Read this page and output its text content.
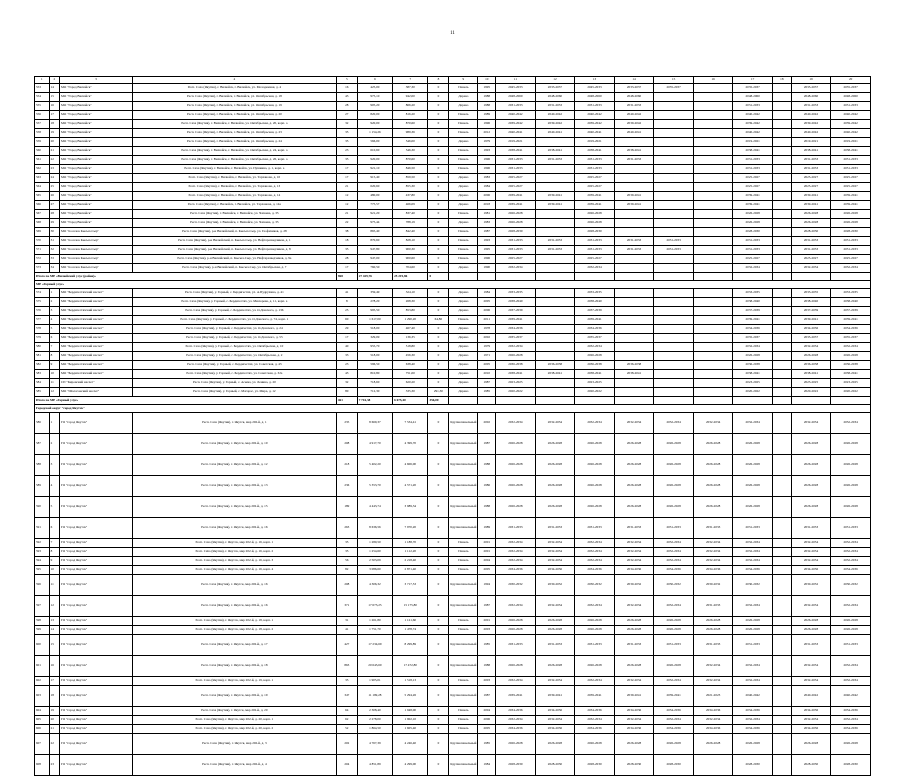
11
1	2	3	4	5	6	7	8	9	10	11	12	13	14	15	16	17	18	19	20
553	14	МО "Город Вилюйск"	Респ. Саха (Якутия), г. Вилюйск, г. Вилюйск, ул. Молодежная, д. 4	16	425,00	387,30	0	Панель	1995	2045-2033	2033-2037	2045-2033	2033-2037	2035-2037		2035-2037		2035-2037	2035-2037
554	15	МО "Город Вилюйск"	Респ. Саха (Якутия), г. Вилюйск, г. Вилюйск, ул. Октябрьская, д. 18	43	975,10	942,00	0	Дерево	1988	2048-2060	2048-2060	2048-2060	2048-2060			2048-2060		2048-2060	2048-2060
555	16	МО "Город Вилюйск"	Респ. Саха (Якутия), г. Вилюйск, г. Вилюйск, ул. Октябрьская, д. 19	28	905,20	866,20	0	Дерево	1988	2031-2033	2031-2033	2031-2033	2031-2033			2031-2033		2031-2033	2031-2033
556	17	МО "Город Вилюйск"	Респ. Саха (Якутия), г. Вилюйск, г. Вилюйск, ул. Октябрьская, д. 20	27	820,00	816,20	0	Панель	1989	2040-2042	2040-2042	2040-2042	2040-2042			2040-2042		2040-2042	2040-2042
557	18	МО "Город Вилюйск"	Респ. Саха (Якутия), г. Вилюйск, г. Вилюйск, ул. Октябрьская, д. 20, корп. а	32	920,00	870,60	0	Панель	1996	2039-2042	2039-2042	2039-2042	2039-2042			2039-2042		2039-2042	2039-2042
558	19	МО "Город Вилюйск"	Респ. Саха (Якутия), г. Вилюйск, г. Вилюйск, ул. Октябрьская, д. 23	35	1 154,26	989,36	0	Панель	2012	2040-2041	2040-2041	2040-2041	2040-2041			2040-2042		2040-2042	2040-2042
559	20	МО "Город Вилюйск"	Респ. Саха (Якутия), г. Вилюйск, г. Вилюйск, ул. Октябрьская, д. 24	35	566,00	546,00	0	Дерево	1979	2019-2021		2019-2021				2019-2021		2019-2021	2019-2021
560	21	МО "Город Вилюйск"	Респ. Саха (Якутия), г. Вилюйск, г. Вилюйск, ул. Октябрьская, д. 24, корп. а	23	610,60	546,30	0	Панель	1993	2038-2041	2038-2041	2038-2041	2038-2041			2038-2041		2038-2041	2038-2041
561	22	МО "Город Вилюйск"	Респ. Саха (Якутия), г. Вилюйск, г. Вилюйск, ул. Октябрьская, д. 26, корп. а	35	920,00	870,60	0	Панель	1996	2031-2033	2031-2033	2031-2033	2031-2033			2031-2033		2031-2033	2031-2033
562	23	МО "Город Вилюйск"	Респ. Саха (Якутия), г. Вилюйск, г. Вилюйск, ул. Пушкина, д. 1, корп. а	17	921,10	846,50	0	Панель	1996	2031-2033		2031-2033				2031-2033		2031-2033	2031-2033
563	24	МО "Город Вилюйск"	Респ. Саха (Якутия), г. Вилюйск, г. Вилюйск, ул. Тарханова, д. 10	17	915,40	859,50	0	Дерево	1983	2025-2027		2025-2027				2025-2027		2025-2027	2025-2027
564	25	МО "Город Вилюйск"	Респ. Саха (Якутия), г. Вилюйск, г. Вилюйск, ул. Тарханова, д. 13	21	620,60	855,30	0	Дерево	1984	2025-2027		2025-2027				2025-2027		2025-2027	2025-2027
565	26	МО "Город Вилюйск"	Респ. Саха (Якутия), г. Вилюйск, г. Вилюйск, ул. Тарханова, д. 14	12	480,00	437,80	0	Дерево	2006	2039-2041	2039-2041	2039-2041	2039-2041			2039-2041		2039-2041	2039-2041
566	27	МО "Город Вилюйск"	Респ. Саха (Якутия), г. Вилюйск, г. Вилюйск, ул. Тарханова, д. 14а	12	775,57	466,09	0	Дерево	2018	2039-2041	2039-2041	2039-2041	2039-2041			2039-2041		2039-2041	2039-2041
567	28	МО "Город Вилюйск"	Респ. Саха (Якутия), г. Вилюйск, г. Вилюйск, ул. Чапаева, д. 35	21	921,20	837,40	0	Панель	1981	2026-2028		2026-2028				2026-2028		2026-2028	2026-2028
568	29	МО "Город Вилюйск"	Респ. Саха (Якутия), г. Вилюйск, г. Вилюйск, ул. Чапаева, д. 35	22	975,44	788,19	0	Дерево	1983	2026-2028		2026-2028				2026-2028		2026-2028	2026-2028
569	30	МО "поселок Кысыл-Сыр"	Респ. Саха (Якутия), р-н Вилюйский, п. Кысыл-Сыр, ул. Геофизиков, д. 28	38	865,40	842,40	0	Панель	1987	2028-2030		2028-2030				2028-2030		2028-2030	2028-2030
570	31	МО "поселок Кысыл-Сыр"	Респ. Саха (Якутия), р-н Вилюйский, п. Кысыл-Сыр, ул. Нефтеразведчиков, д. 1	18	870,60	828,10	0	Панель	1993	2031-2033	2031-2033	2031-2033	2031-2033	2031-2033		2031-2033		2031-2033	2031-2033
571	32	МО "поселок Кысыл-Сыр"	Респ. Саха (Якутия), р-н Вилюйский, п. Кысыл-Сыр, ул. Нефтеразведчиков, д. 8	35	947,80	900,30	0	Панель	1995	2031-2033	2031-2033	2031-2033	2031-2033	2031-2033		2031-2033		2031-2033	2031-2033
572	33	МО "поселок Кысыл-Сыр"	Респ. Саха (Якутия), р-н Вилюйский, п. Кысыл-Сыр, ул. Нефтеразведчиков, д. 9а	28	947,00	900,60	0	Панель	1996	2025-2027		2025-2027				2025-2027		2025-2027	2025-2027
573	34	МО "поселок Кысыл-Сыр"	Респ. Саха (Якутия), р-н Вилюйский, п. Кысыл-Сыр, ул. Октябрьская, д. 7	17	760,50	704,60	0	Дерево	1990	2032-2034		2032-2034				2032-2034		2032-2034	2032-2034
Итого по МР «Вилюйский улус (район)»				968	27 429,76	25 219,86	0												
МР «Горный улус»																			
574	1	МО "Бердигестяхский наслег"	Респ. Саха (Якутия), у. Горный, с. Бердигестях, ул. А.Пудрухина, д. 41	41	359,49	324,10	0	Дерево	1984	2033-2035		2033-2035				2033-2035		2033-2035	2033-2035
575	2	МО "Бердигестяхский наслег"	Респ. Саха (Якутия), у. Горный, с. Бердигестях, ул. Мисюрева, д. 11, корп. а	8	278,20	268,30	0	Дерево	2005	2038-2040		2038-2040				2038-2040		2038-2040	2038-2040
576	3	МО "Бердигестяхский наслег"	Респ. Саха (Якутия), у. Горный, с. Бердигестях, ул. О.Донского, д. 136	25	995,50	853,80	0	Дерево	2006	2037-2039		2037-2039				2037-2039		2037-2039	2037-2039
577	4	МО "Бердигестяхский наслег"	Респ. Саха (Якутия), у. Горный, с. Бердигестях, ул. О.Донского, д. 74, корп. 1	60	1 617,00	1 290,20	64,80	Панель	2011	2039-2041		2039-2041				2039-2041		2039-2041	2039-2041
578	5	МО "Бердигестяхский наслег"	Респ. Саха (Якутия), у. Горный, с. Бердигестях, ул. О.Донского, д. 24	29	518,00	467,40	0	Дерево	1978	2034-2036		2034-2036				2034-2036		2034-2036	2034-2036
579	6	МО "Бердигестяхский наслег"	Респ. Саха (Якутия), у. Горный, с. Бердигестях, ул. О.Донского, д. 55	17	329,09	136,35	0	Дерево	2002	2035-2037		2035-2037				2035-2037		2035-2037	2035-2037
580	7	МО "Бердигестяхский наслег"	Респ. Саха (Якутия), у. Горный, с. Бердигестях, ул. Октябрьская, д. 10	40	955,70	518,80	0	Дерево	1979	2032-2034		2032-2034				2032-2034		2032-2034	2032-2034
581	8	МО "Бердигестяхский наслег"	Респ. Саха (Якутия), у. Горный, с. Бердигестях, ул. Октябрьская, д. 2	33	518,00	456,30	0	Дерево	1971	2026-2028		2026-2028				2026-2028		2026-2028	2026-2028
582	9	МО "Бердигестяхский наслег"	Респ. Саха (Якутия), у. Горный, с. Бердигестях, ул. Советская, д. 43	23	596,50	638,40	0	Дерево	2005	2036-2038	2036-2038	2036-2038	2036-2038			2036-2038		2036-2038	2036-2038
583	10	МО "Бердигестяхский наслег"	Респ. Саха (Якутия), у. Горный, с. Бердигестях, ул. Советская, д. 32а	43	810,80	751,00	0	Дерево	2010	2038-2041	2038-2041	2038-2041	2038-2041			2038-2041		2038-2041	2038-2041
584	11	СП "Кировский наслег"	Респ. Саха (Якутия), у. Горный, с. Асыма, ул. Ленина, д. 20	32	718,60	620,20	0	Дерево	1987	2023-2025		2023-2025				2023-2025		2023-2025	2023-2025
585	12	МО "Шологонский наслег"	Респ. Саха (Якутия), у. Горный, с. Магарас, ул. Мира, д. 12	80	712,30	335,30	291,30	Дерево	1985	2020-2022		2020-2022				2020-2022		2020-2022	2020-2022
Итого по МР «Горный улус»				461	7 716,38	6 675,40	356,00												
Городской округ "город Якутск"																			
586	1	ГО "город Якутск"	Респ. Саха (Якутия), г. Якутск, мкр 202-й, д. 1	235	8 669,37	7 534,41	0	Крупнопанельный	2002	2032-2034	2032-2034	2032-2034	2032-2034	2032-2034	2032-2034	2032-2034		2032-2034	2032-2034
587	2	ГО "город Якутск"	Респ. Саха (Якутия), г. Якутск, мкр 202-й, д. 10	208	4 917,70	4 399,70	0	Крупнопанельный	1987	2026-2028	2026-2028	2026-2028	2026-2028	2026-2028	2026-2028	2026-2028		2026-2028	2026-2028
588	3	ГО "город Якутск"	Респ. Саха (Якутия), г. Якутск, мкр 202-й, д. 12	218	5 402,20	4 606,00	0	Крупнопанельный	1988	2026-2028	2026-2028	2026-2028	2026-2028	2026-2028	2026-2028	2026-2028		2026-2028	2026-2028
589	4	ГО "город Якутск"	Респ. Саха (Якутия), г. Якутск, мкр 202-й, д. 13	236	5 353,70	4 571,20	0	Крупнопанельный	1986	2026-2028	2026-2028	2026-2028	2026-2028	2026-2028	2026-2028	2026-2028		2026-2028	2026-2028
590	5	ГО "город Якутск"	Респ. Саха (Якутия), г. Якутск, мкр 202-й, д. 15	189	4 443,74	3 989,34	0	Крупнопанельный	1988	2026-2028	2026-2028	2026-2028	2026-2028	2026-2028	2026-2028	2026-2028		2026-2028	2026-2028
591	6	ГО "город Якутск"	Респ. Саха (Якутия), г. Якутск, мкр 202-й, д. 16	263	8 636,56	7 970,20	0	Крупнопанельный	1989	2031-2033	2031-2033	2031-2033	2031-2033	2031-2033	2031-2033	2031-2033		2031-2033	2031-2033
592	7	ГО "город Якутск"	Респ. Саха (Якутия), г. Якутск, мкр 202-й, д. 16, корп. 1	35	1 280,50	1 188,70	0	Панель	2001	2032-2034	2032-2034	2032-2034	2032-2034	2032-2034	2032-2034	2032-2034		2032-2034	2032-2034
593	8	ГО "город Якутск"	Респ. Саha (Якутия), г. Якутск, мкр 202-й, д. 16, корп. 2	35	1 254,60	1 112,20	0	Панель	2001	2032-2034	2032-2034	2032-2034	2032-2034	2032-2034	2032-2034	2032-2034		2032-2034	2032-2034
594	9	ГО "город Якутск"	Респ. Саха (Якутия), г. Якутск, мкр 202-й, д. 16, корп. 3	56	2 503,09	2 218,40	0	Панель	2004	2032-2034	2032-2034	2032-2034	2032-2034	2032-2034	2032-2034	2032-2034		2032-2034	2032-2034
595	10	ГО "город Якутск"	Респ. Саха (Якутия), г. Якутск, мкр 202-й, д. 16, корп. 4	82	3 086,60	2 871,40	0	Панель	2005	2034-2036	2034-2036	2034-2036	2034-2036	2034-2036	2034-2036	2034-2036		2034-2036	2034-2036
596	11	ГО "город Якутск"	Респ. Саха (Якутия), г. Якутск, мкр 202-й, д. 16	208	4 306,32	3 717,53	0	Крупнопанельный	1994	2030-2032	2030-2032	2030-2032	2030-2032	2030-2032	2030-2032	2030-2032		2030-2032	2030-2032
597	12	ГО "город Якутск"	Респ. Саха (Якутия), г. Якутск, мкр 202-й, д. 16	371	17 673,25	15 175,80	0	Крупнопанельный	1987	2032-2034	2032-2034	2032-2034	2032-2034	2032-2034	2031-2033	2032-2034		2032-2034	2032-2034
598	13	ГО "город Якутск"	Респ. Саха (Якутия), г. Якутск, мкр 202-й, д. 18, корп. 1	31	1 261,80	1 121,60	0	Панель	2001	2026-2028	2026-2028	2026-2028	2026-2028	2026-2028	2026-2028	2026-2028		2026-2028	2026-2028
599	14	ГО "город Якутск"	Респ. Саха (Якутия), г. Якутск, мкр 202-й, д. 18, корп. 2	41	1 751,70	1 478,74	0	Панель	2003	2026-2028	2026-2028	2026-2028	2026-2028	2026-2028	2026-2028	2026-2028		2026-2028	2026-2028
600	15	ГО "город Якутск"	Респ. Саха (Якутия), г. Якутск, мкр 202-й, д. 17	427	17 234,69	8 299,89	0	Крупнопанельный	1985	2031-2033	2031-2033	2031-2033	2031-2033	2031-2033	2031-2033	2031-2033		2031-2033	2031-2033
601	16	ГО "город Якутск"	Респ. Саха (Якутия), г. Якутск, мкр 202-й, д. 18	863	20 643,60	17 472,80	0	Крупнопанельный	1988	2026-2028	2026-2028	2026-2028	2026-2028	2026-2028	2032-2034	2032-2034		2032-2034	2032-2034
602	17	ГО "город Якутск"	Респ. Саха (Якутия), г. Якутск, мкр 202-й, д. 19, корп. 1	35	1 905,01	1 518,13	0	Панель	2003	2032-2034	2032-2034	2032-2034	2032-2034	2032-2034	2032-2034	2032-2034		2032-2034	2032-2034
603	18	ГО "город Якутск"	Респ. Саха (Якутия), г. Якутск, мкр 202-й, д. 19	347	11 199,28	5 294,26	0	Крупнопанельный	1987	2039-2041	2039-2041	2039-2041	2039-2041	2039-2041	2021-2023	2040-2042		2040-2042	2040-2042
604	19	ГО "город Якутск"	Респ. Саха (Якутия), г. Якутск, мкр 202-й, д. 20	64	2 308,40	1 948,00	0	Панель	2004	2034-2036	2034-2036	2034-2036	2034-2036	2034-2036	2034-2036	2034-2036		2034-2036	2034-2036
605	20	ГО "город Якутск"	Респ. Саха (Якутия), г. Якутск, мкр 202-й, д. 20, корп. 1	62	2 278,00	1 902,10	0	Панель	2006	2032-2034	2032-2034	2032-2034	2032-2034	2032-2034	2032-2034	2032-2034		2032-2034	2032-2034
606	21	ГО "город Якутск"	Респ. Саха (Якутия), г. Якутск, мкр 202-й, д. 20, корп. 2	52	1 864,50	1 605,40	0	Панель	2005	2034-2036	2034-2036	2034-2036	2034-2036	2034-2036	2034-2036	2034-2036		2034-2036	2034-2036
607	22	ГО "город Якутск"	Респ. Саха (Якутия), г. Якутск, мкр 202-й, д. 3	202	4 767,39	4 246,40	0	Крупнопанельный	1985	2026-2028	2026-2028	2026-2028	2026-2028	2026-2028	2026-2028	2026-2028		2026-2028	2026-2028
608	23	ГО "город Якутск"	Респ. Саха (Якутия), г. Якутск, мкр 202-й, д. 4	204	4 851,89	4 299,00	0	Крупнопанельный	1984	2028-2030	2028-2030	2028-2030	2028-2030	2028-2030		2028-2030		2028-2030	2028-2030
